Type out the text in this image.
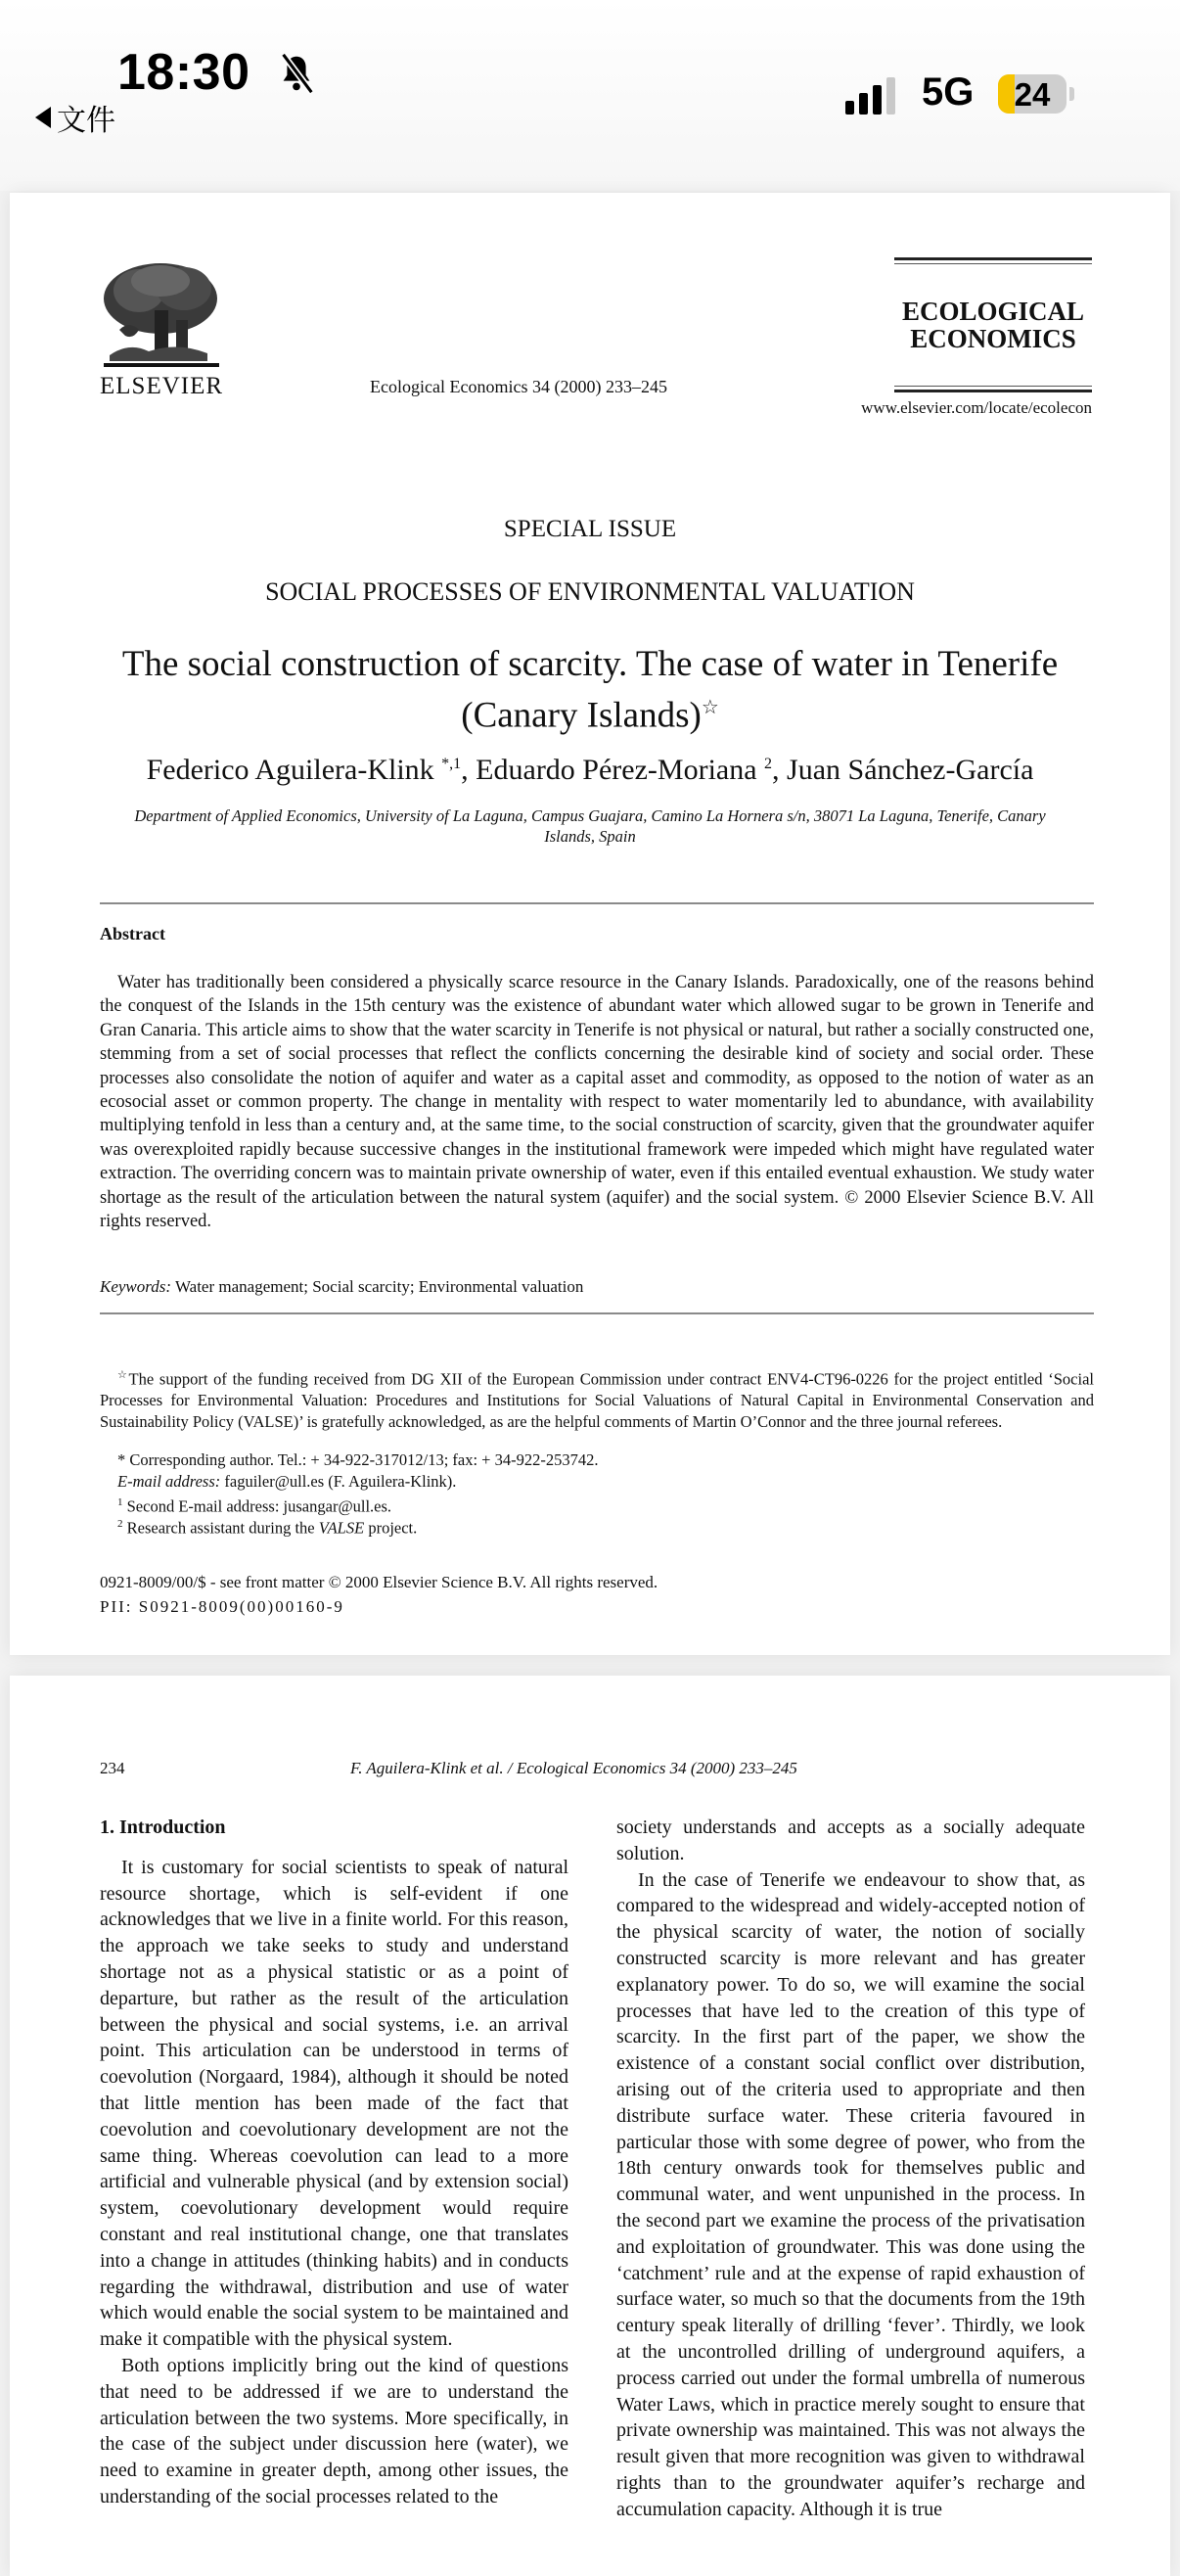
18:30
文件
5G	24
ELSEVIER	Ecological Economics 34 (2000) 233–245
ECOLOGICAL
ECONOMICS
www.elsevier.com/locate/ecolecon
SPECIAL ISSUE
SOCIAL PROCESSES OF ENVIRONMENTAL VALUATION
The social construction of scarcity. The case of water in Tenerife (Canary Islands)☆
Federico Aguilera-Klink $^{*,1}$, Eduardo Pérez-Moriana $^2$, Juan Sánchez-García
Department of Applied Economics, University of La Laguna, Campus Guajara, Camino La Hornera s/n, 38071 La Laguna, Tenerife, Canary Islands, Spain
Abstract
Water has traditionally been considered a physically scarce resource in the Canary Islands. Paradoxically, one of the reasons behind the conquest of the Islands in the 15th century was the existence of abundant water which allowed sugar to be grown in Tenerife and Gran Canaria. This article aims to show that the water scarcity in Tenerife is not physical or natural, but rather a socially constructed one, stemming from a set of social processes that reflect the conflicts concerning the desirable kind of society and social order. These processes also consolidate the notion of aquifer and water as a capital asset and commodity, as opposed to the notion of water as an ecosocial asset or common property. The change in mentality with respect to water momentarily led to abundance, with availability multiplying tenfold in less than a century and, at the same time, to the social construction of scarcity, given that the groundwater aquifer was overexploited rapidly because successive changes in the institutional framework were impeded which might have regulated water extraction. The overriding concern was to maintain private ownership of water, even if this entailed eventual exhaustion. We study water shortage as the result of the articulation between the natural system (aquifer) and the social system. © 2000 Elsevier Science B.V. All rights reserved.
Keywords: Water management; Social scarcity; Environmental valuation
☆The support of the funding received from DG XII of the European Commission under contract ENV4-CT96-0226 for the project entitled ‘Social Processes for Environmental Valuation: Procedures and Institutions for Social Valuations of Natural Capital in Environmental Conservation and Sustainability Policy (VALSE)’ is gratefully acknowledged, as are the helpful comments of Martin O’Connor and the three journal referees.
* Corresponding author. Tel.: + 34-922-317012/13; fax: + 34-922-253742.
E-mail address: faguiler@ull.es (F. Aguilera-Klink).
$^1$ Second E-mail address: jusangar@ull.es.
$^2$ Research assistant during the VALSE project.
0921-8009/00/$ - see front matter © 2000 Elsevier Science B.V. All rights reserved.
PII: S0921-8009(00)00160-9
234	F. Aguilera-Klink et al. / Ecological Economics 34 (2000) 233–245
1. Introduction

It is customary for social scientists to speak of natural resource shortage, which is self-evident if one acknowledges that we live in a finite world. For this reason, the approach we take seeks to study and understand shortage not as a physical statistic or as a point of departure, but rather as the result of the articulation between the physical and social systems, i.e. an arrival point. This articulation can be understood in terms of coevolution (Norgaard, 1984), although it should be noted that little mention has been made of the fact that coevolution and coevolutionary development are not the same thing. Whereas coevolution can lead to a more artificial and vulnerable physical (and by extension social) system, coevolutionary development would require constant and real institutional change, one that translates into a change in attitudes (thinking habits) and in conducts regarding the withdrawal, distribution and use of water which would enable the social system to be maintained and make it compatible with the physical system.

Both options implicitly bring out the kind of questions that need to be addressed if we are to understand the articulation between the two systems. More specifically, in the case of the subject under discussion here (water), we need to examine in greater depth, among other issues, the understanding of the social processes related to the

society understands and accepts as a socially adequate solution.

In the case of Tenerife we endeavour to show that, as compared to the widespread and widely-accepted notion of the physical scarcity of water, the notion of socially constructed scarcity is more relevant and has greater explanatory power. To do so, we will examine the social processes that have led to the creation of this type of scarcity. In the first part of the paper, we show the existence of a constant social conflict over distribution, arising out of the criteria used to appropriate and then distribute surface water. These criteria favoured in particular those with some degree of power, who from the 18th century onwards took for themselves public and communal water, and went unpunished in the process. In the second part we examine the process of the privatisation and exploitation of groundwater. This was done using the ‘catchment’ rule and at the expense of rapid exhaustion of surface water, so much so that the documents from the 19th century speak literally of drilling ‘fever’. Thirdly, we look at the uncontrolled drilling of underground aquifers, a process carried out under the formal umbrella of numerous Water Laws, which in practice merely sought to ensure that private ownership was maintained. This was not always the result given that more recognition was given to withdrawal rights than to the groundwater aquifer’s recharge and accumulation capacity. Although it is true
